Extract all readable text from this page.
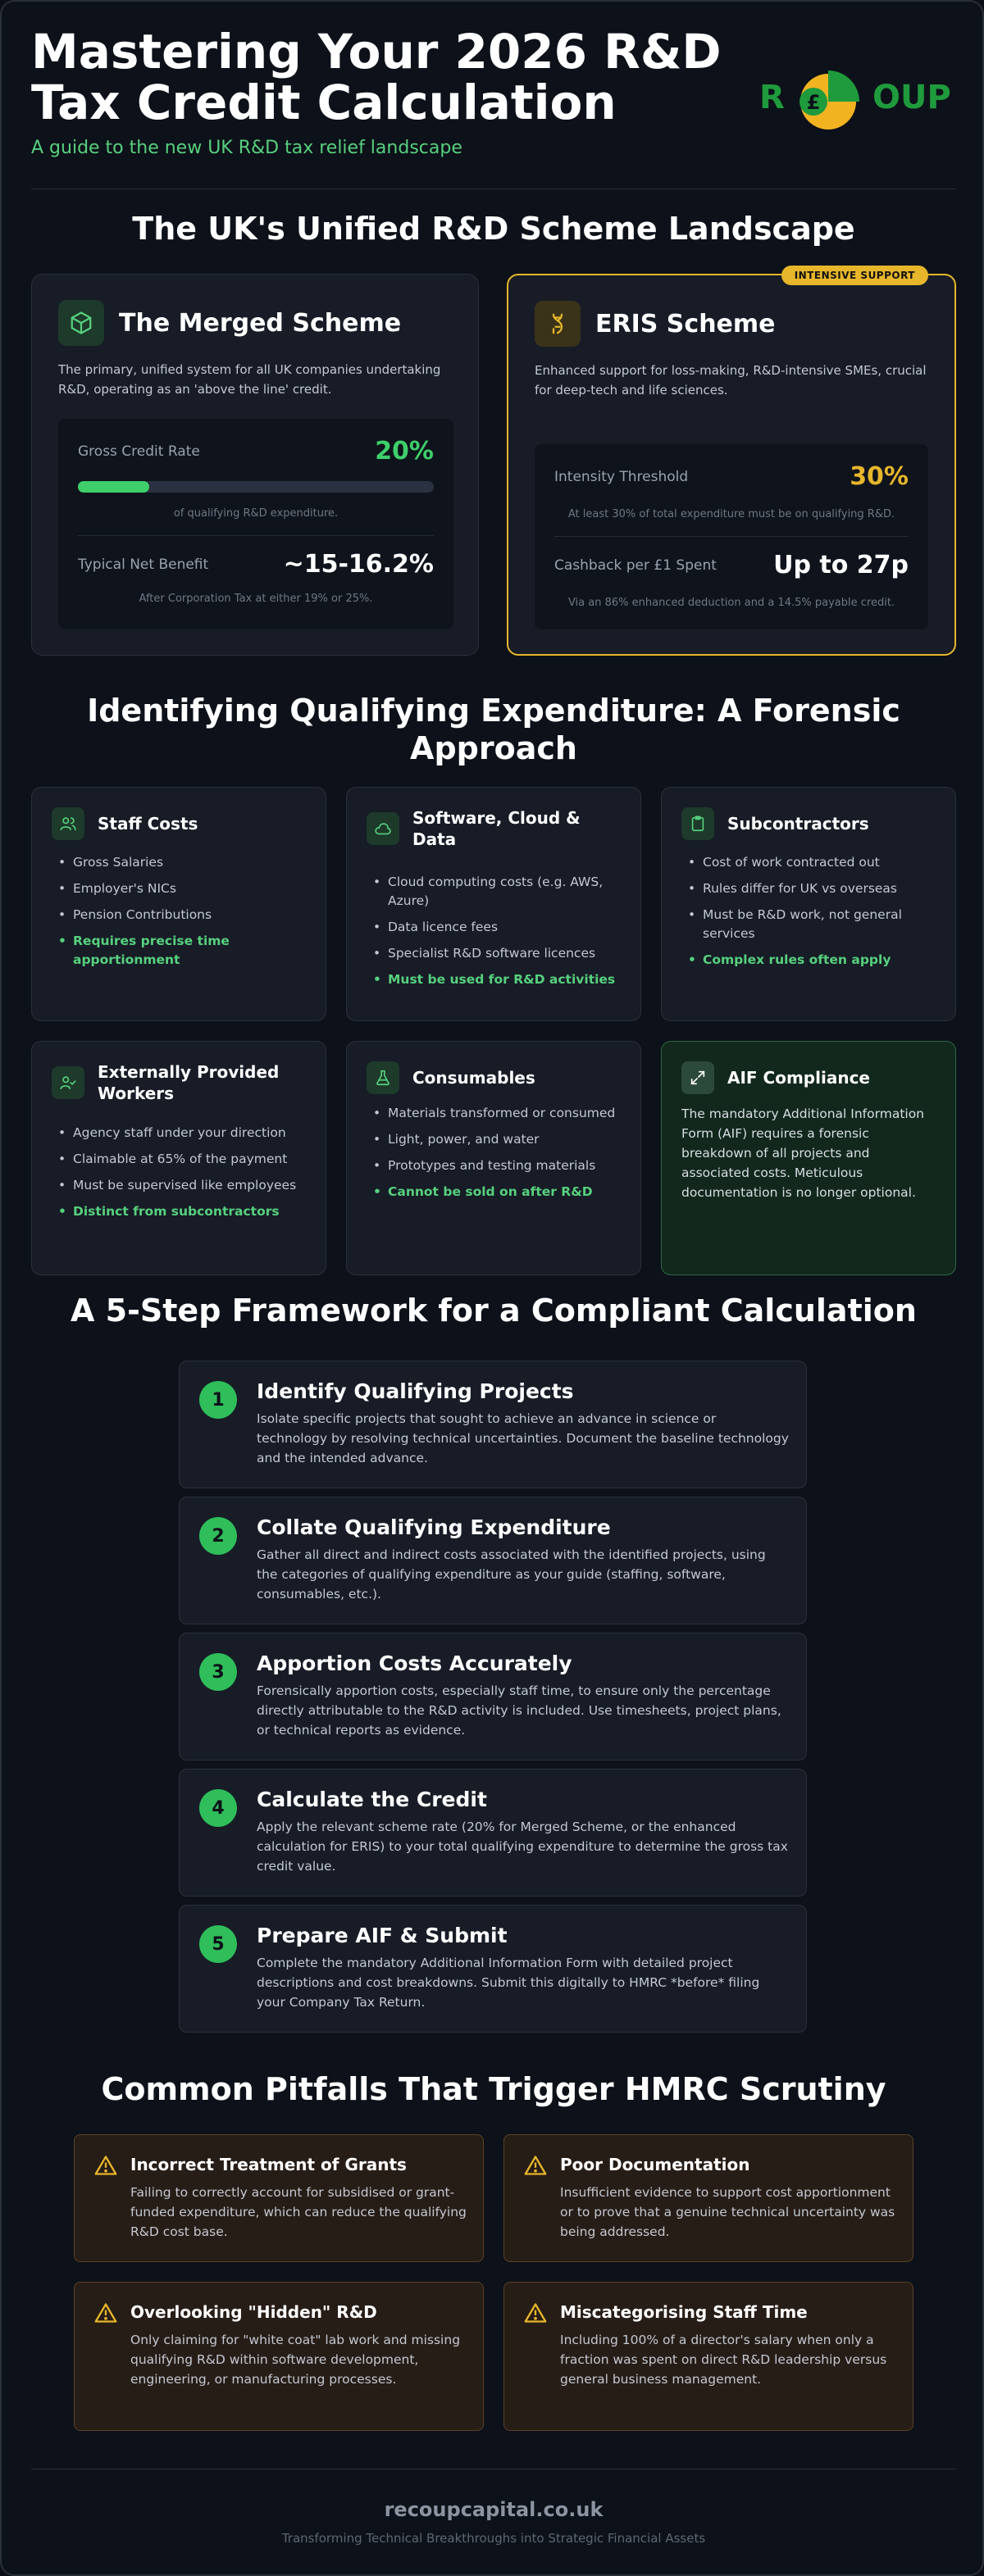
Mastering Your 2026 R&D
Tax Credit Calculation
A guide to the new UK R&D tax relief landscape
R £ OUP
The UK's Unified R&D Scheme Landscape
The Merged Scheme
The primary, unified system for all UK companies undertaking R&D, operating as an 'above the line' credit.
Gross Credit Rate	20%
of qualifying R&D expenditure.
Typical Net Benefit	~15-16.2%
After Corporation Tax at either 19% or 25%.
INTENSIVE SUPPORT
ERIS Scheme
Enhanced support for loss-making, R&D-intensive SMEs, crucial for deep-tech and life sciences.
Intensity Threshold	30%
At least 30% of total expenditure must be on qualifying R&D.
Cashback per £1 Spent Up to 27p
Via an 86% enhanced deduction and a 14.5% payable credit.
Identifying Qualifying Expenditure: A Forensic
Approach
Staff Costs
• Gross Salaries
• Employer's NICs
• Pension Contributions
• Requires precise time apportionment
Software, Cloud & Data
• Cloud computing costs (e.g. AWS, Azure)
• Data licence fees
• Specialist R&D software licences
• Must be used for R&D activities
Subcontractors
• Cost of work contracted out
• Rules differ for UK vs overseas
• Must be R&D work, not general services
• Complex rules often apply
Externally Provided Workers
• Agency staff under your direction
• Claimable at 65% of the payment
• Must be supervised like employees
• Distinct from subcontractors
Consumables
• Materials transformed or consumed
• Light, power, and water
• Prototypes and testing materials
• Cannot be sold on after R&D
AIF Compliance
The mandatory Additional Information Form (AIF) requires a forensic breakdown of all projects and associated costs. Meticulous documentation is no longer optional.
A 5-Step Framework for a Compliant Calculation
1	Identify Qualifying Projects
Isolate specific projects that sought to achieve an advance in science or technology by resolving technical uncertainties. Document the baseline technology and the intended advance.
2	Collate Qualifying Expenditure
Gather all direct and indirect costs associated with the identified projects, using the categories of qualifying expenditure as your guide (staffing, software, consumables, etc.).
3	Apportion Costs Accurately
Forensically apportion costs, especially staff time, to ensure only the percentage directly attributable to the R&D activity is included. Use timesheets, project plans, or technical reports as evidence.
4	Calculate the Credit
Apply the relevant scheme rate (20% for Merged Scheme, or the enhanced calculation for ERIS) to your total qualifying expenditure to determine the gross tax credit value.
5	Prepare AIF & Submit
Complete the mandatory Additional Information Form with detailed project descriptions and cost breakdowns. Submit this digitally to HMRC *before* filing your Company Tax Return.
Common Pitfalls That Trigger HMRC Scrutiny
Incorrect Treatment of Grants
Failing to correctly account for subsidised or grant-funded expenditure, which can reduce the qualifying R&D cost base.
Poor Documentation
Insufficient evidence to support cost apportionment or to prove that a genuine technical uncertainty was being addressed.
Overlooking "Hidden" R&D
Only claiming for "white coat" lab work and missing qualifying R&D within software development, engineering, or manufacturing processes.
Miscategorising Staff Time
Including 100% of a director's salary when only a fraction was spent on direct R&D leadership versus general business management.
recoupcapital.co.uk
Transforming Technical Breakthroughs into Strategic Financial Assets
